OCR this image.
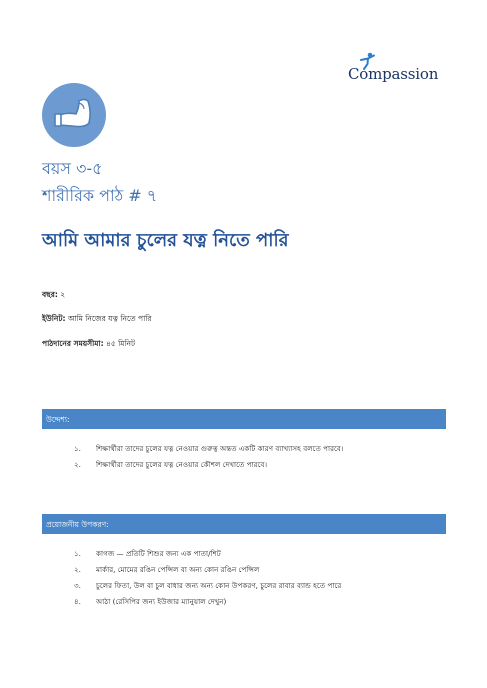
Compassion
বয়স ৩-৫
শারীরিক পাঠ # ৭
আমি আমার চুলের যত্ন নিতে পারি
বছর: ২
ইউনিট: আমি নিজের যত্ন নিতে পারি
পাঠদানের সময়সীমা: ৪৫ মিনিট
উদ্দেশ্য:
১. শিক্ষার্থীরা তাদের চুলের যত্ন নেওয়ার গুরুত্ব অন্তত একটি কারণ ব্যাখ্যাসহ বলতে পারবে।
২. শিক্ষার্থীরা তাদের চুলের যত্ন নেওয়ার কৌশল দেখাতে পারবে।
প্রয়োজনীয় উপকরণ:
১. কাগজ — প্রতিটি শিশুর জন্য এক পাতা/শিট
২. মার্কার, মোমের রঙিন পেন্সিল বা অন্য কোন রঙিন পেন্সিল
৩. চুলের ফিতা, উল বা চুল বাধার জন্য অন্য কোন উপকরণ, চুলের রাবার ব্যান্ড হতে পারে
৪. আঠা (রেসিপির জন্য ইউজার ম্যানুয়াল দেখুন)
